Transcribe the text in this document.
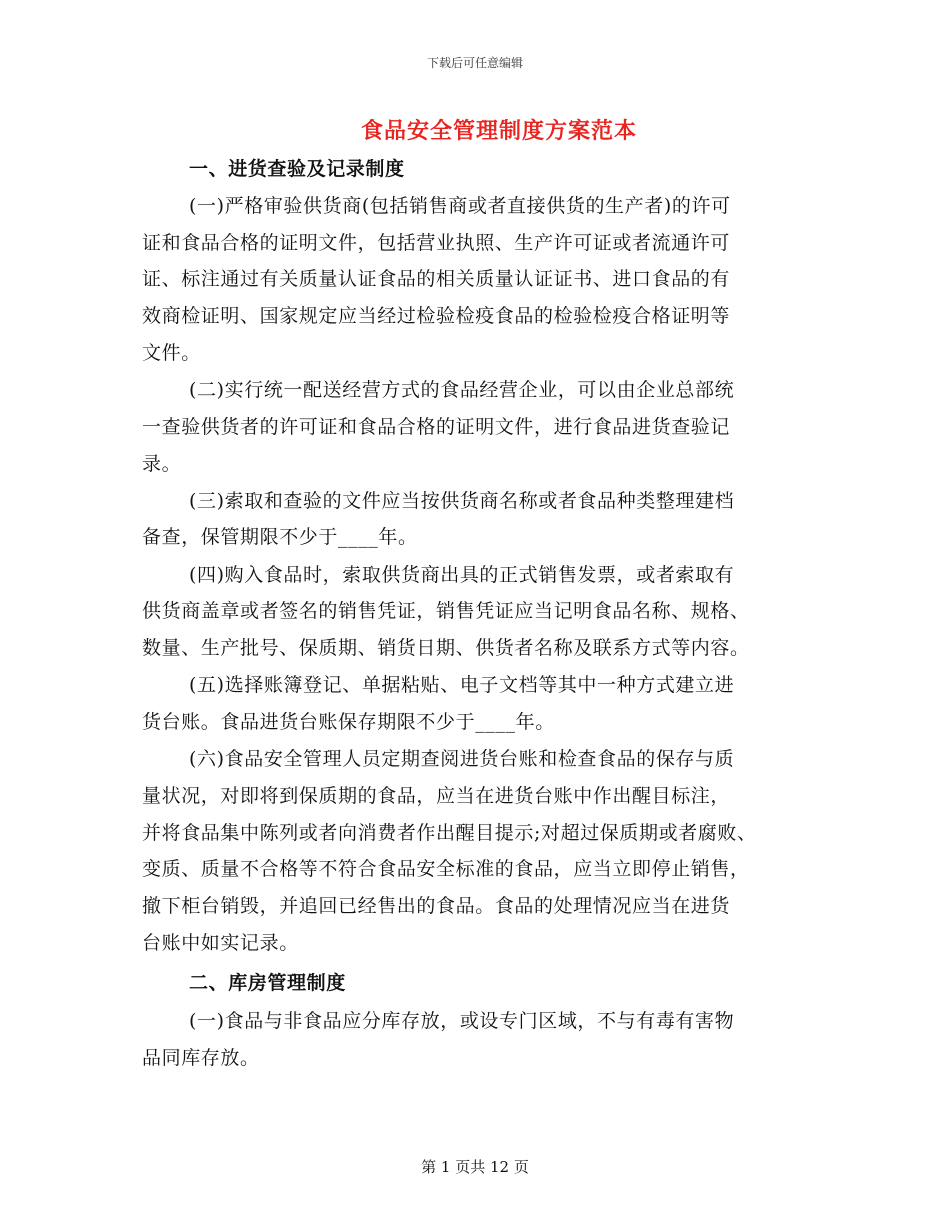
下载后可任意编辑
食品安全管理制度方案范本
一、进货查验及记录制度
(一)严格审验供货商(包括销售商或者直接供货的生产者)的许可
证和食品合格的证明文件，包括营业执照、生产许可证或者流通许可
证、标注通过有关质量认证食品的相关质量认证证书、进口食品的有
效商检证明、国家规定应当经过检验检疫食品的检验检疫合格证明等
文件。
(二)实行统一配送经营方式的食品经营企业，可以由企业总部统
一查验供货者的许可证和食品合格的证明文件，进行食品进货查验记
录。
(三)索取和查验的文件应当按供货商名称或者食品种类整理建档
备查，保管期限不少于____年。
(四)购入食品时，索取供货商出具的正式销售发票，或者索取有
供货商盖章或者签名的销售凭证，销售凭证应当记明食品名称、规格、
数量、生产批号、保质期、销货日期、供货者名称及联系方式等内容。
(五)选择账簿登记、单据粘贴、电子文档等其中一种方式建立进
货台账。食品进货台账保存期限不少于____年。
(六)食品安全管理人员定期查阅进货台账和检查食品的保存与质
量状况，对即将到保质期的食品，应当在进货台账中作出醒目标注，
并将食品集中陈列或者向消费者作出醒目提示;对超过保质期或者腐败、
变质、质量不合格等不符合食品安全标准的食品，应当立即停止销售，
撤下柜台销毁，并追回已经售出的食品。食品的处理情况应当在进货
台账中如实记录。
二、库房管理制度
(一)食品与非食品应分库存放，或设专门区域，不与有毒有害物
品同库存放。
第 1 页共 12 页
